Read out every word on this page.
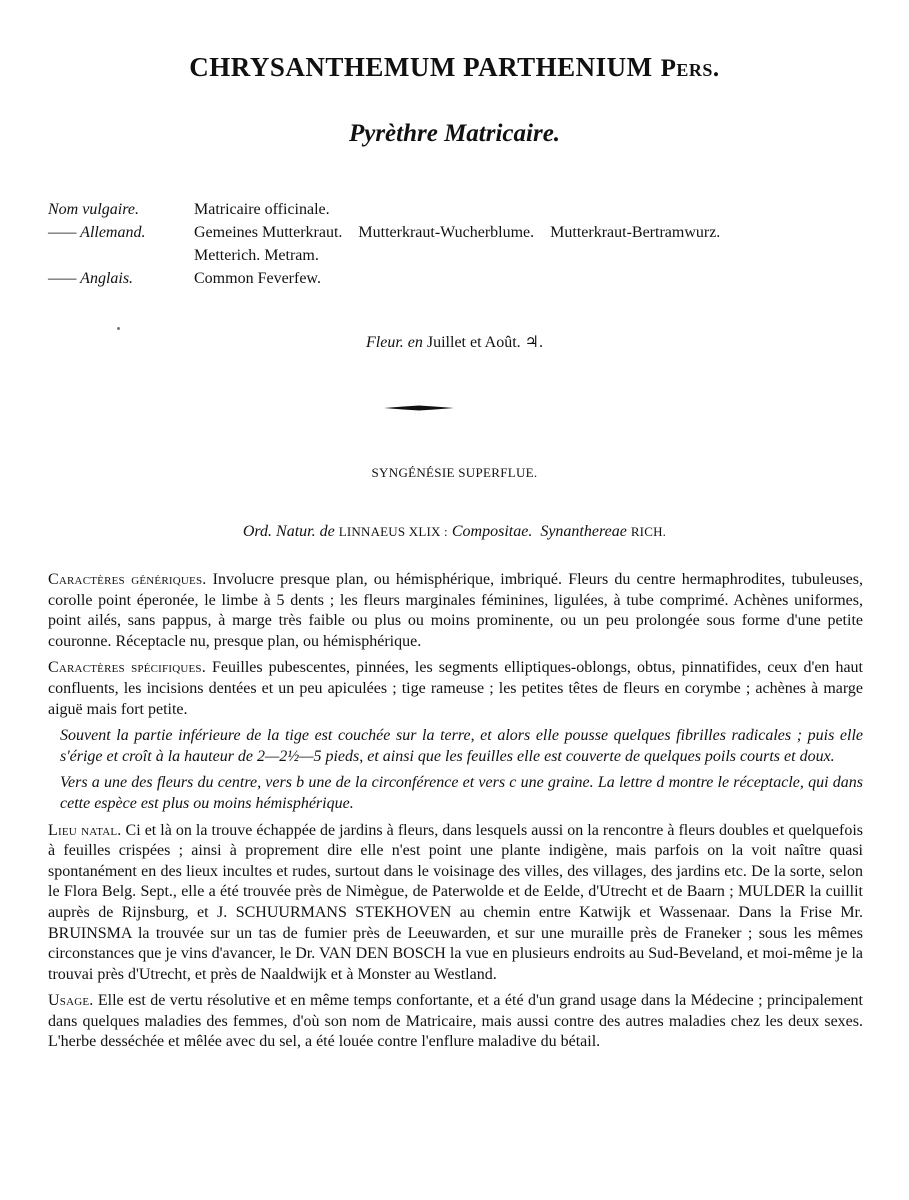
CHRYSANTHEMUM PARTHENIUM Pers.
Pyrèthre Matricaire.
Nom vulgaire.	Matricaire officinale.
—— Allemand.	Gemeines Mutterkraut. Mutterkraut-Wucherblume. Mutterkraut-Bertramwurz.
	Metterich. Metram.
—— Anglais.	Common Feverfew.
Fleur. en Juillet et Août. ♃.
SYNGÉNÉSIE SUPERFLUE.
Ord. Natur. de LINNAEUS XLIX : Compositae. Synanthereae RICH.

Caractères génériques. Involucre presque plan, ou hémisphérique, imbriqué. Fleurs du centre hermaphrodites, tubuleuses, corolle point éperonée, le limbe à 5 dents ; les fleurs marginales féminines, ligulées, à tube comprimé. Achènes uniformes, point ailés, sans pappus, à marge très faible ou plus ou moins prominente, ou un peu prolongée sous forme d'une petite couronne. Réceptacle nu, presque plan, ou hémisphérique.

Caractères spécifiques. Feuilles pubescentes, pinnées, les segments elliptiques-oblongs, obtus, pinnatifides, ceux d'en haut confluents, les incisions dentées et un peu apiculées ; tige rameuse ; les petites têtes de fleurs en corymbe ; achènes à marge aiguë mais fort petite.

Souvent la partie inférieure de la tige est couchée sur la terre, et alors elle pousse quelques fibrilles radicales ; puis elle s'érige et croît à la hauteur de 2—2½—5 pieds, et ainsi que les feuilles elle est couverte de quelques poils courts et doux.

Vers a une des fleurs du centre, vers b une de la circonférence et vers c une graine. La lettre d montre le réceptacle, qui dans cette espèce est plus ou moins hémisphérique.

Lieu natal. Ci et là on la trouve échappée de jardins à fleurs, dans lesquels aussi on la rencontre à fleurs doubles et quelquefois à feuilles crispées ; ainsi à proprement dire elle n'est point une plante indigène, mais parfois on la voit naître quasi spontanément en des lieux incultes et rudes, surtout dans le voisinage des villes, des villages, des jardins etc. De la sorte, selon le Flora Belg. Sept., elle a été trouvée près de Nimègue, de Paterwolde et de Eelde, d'Utrecht et de Baarn ; MULDER la cuillit auprès de Rijnsburg, et J. SCHUURMANS STEKHOVEN au chemin entre Katwijk et Wassenaar. Dans la Frise Mr. BRUINSMA la trouvée sur un tas de fumier près de Leeuwarden, et sur une muraille près de Franeker ; sous les mêmes circonstances que je vins d'avancer, le Dr. VAN DEN BOSCH la vue en plusieurs endroits au Sud-Beveland, et moi-même je la trouvai près d'Utrecht, et près de Naaldwijk et à Monster au Westland.

Usage. Elle est de vertu résolutive et en même temps confortante, et a été d'un grand usage dans la Médecine ; principalement dans quelques maladies des femmes, d'où son nom de Matricaire, mais aussi contre des autres maladies chez les deux sexes. L'herbe desséchée et mêlée avec du sel, a été louée contre l'enflure maladive du bétail.
